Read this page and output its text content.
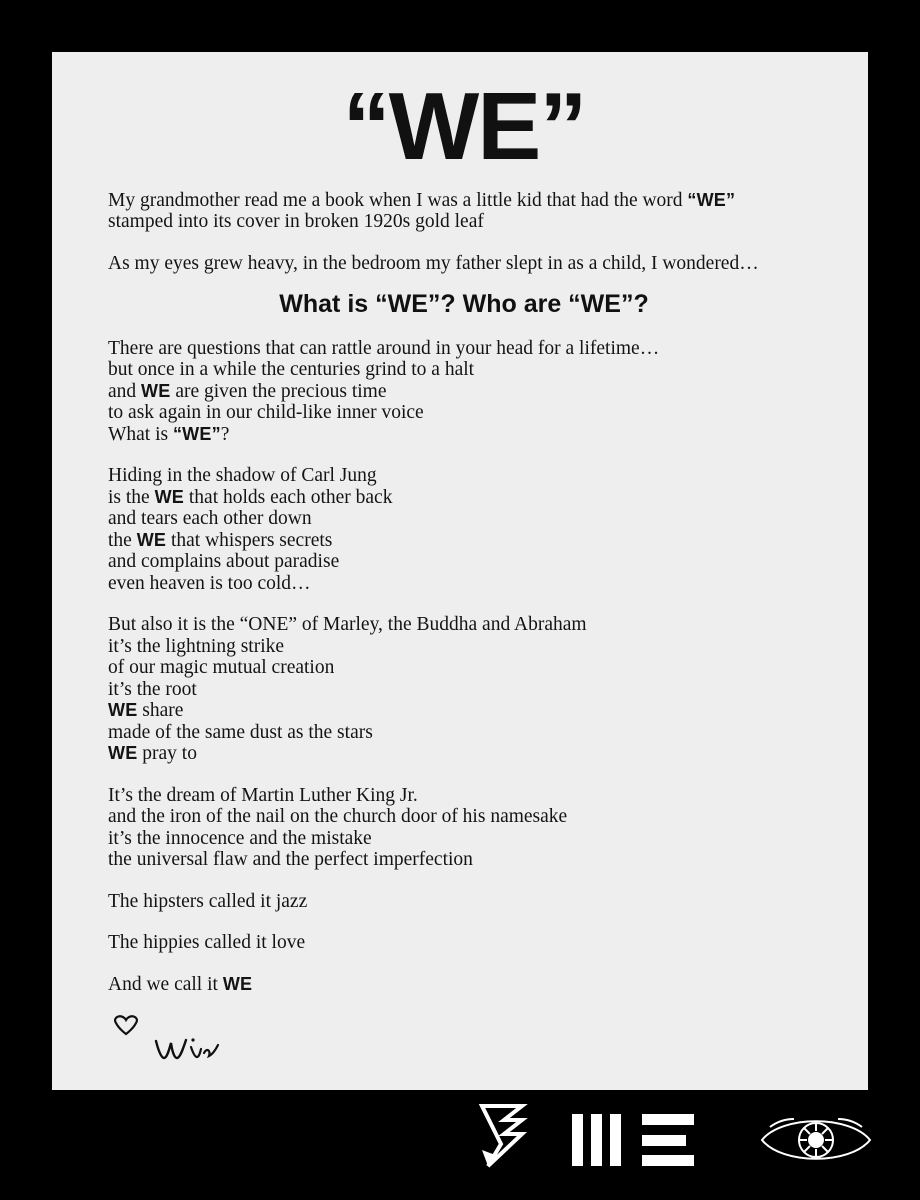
“WE”
My grandmother read me a book when I was a little kid that had the word “WE”
stamped into its cover in broken 1920s gold leaf
As my eyes grew heavy, in the bedroom my father slept in as a child, I wondered…
What is “WE”? Who are “WE”?
There are questions that can rattle around in your head for a lifetime…
but once in a while the centuries grind to a halt
and WE are given the precious time
to ask again in our child-like inner voice
What is “WE”?
Hiding in the shadow of Carl Jung
is the WE that holds each other back
and tears each other down
the WE that whispers secrets
and complains about paradise
even heaven is too cold…
But also it is the “ONE” of Marley, the Buddha and Abraham
it’s the lightning strike
of our magic mutual creation
it’s the root
WE share
made of the same dust as the stars
WE pray to
It’s the dream of Martin Luther King Jr.
and the iron of the nail on the church door of his namesake
it’s the innocence and the mistake
the universal flaw and the perfect imperfection
The hipsters called it jazz
The hippies called it love
And we call it WE
